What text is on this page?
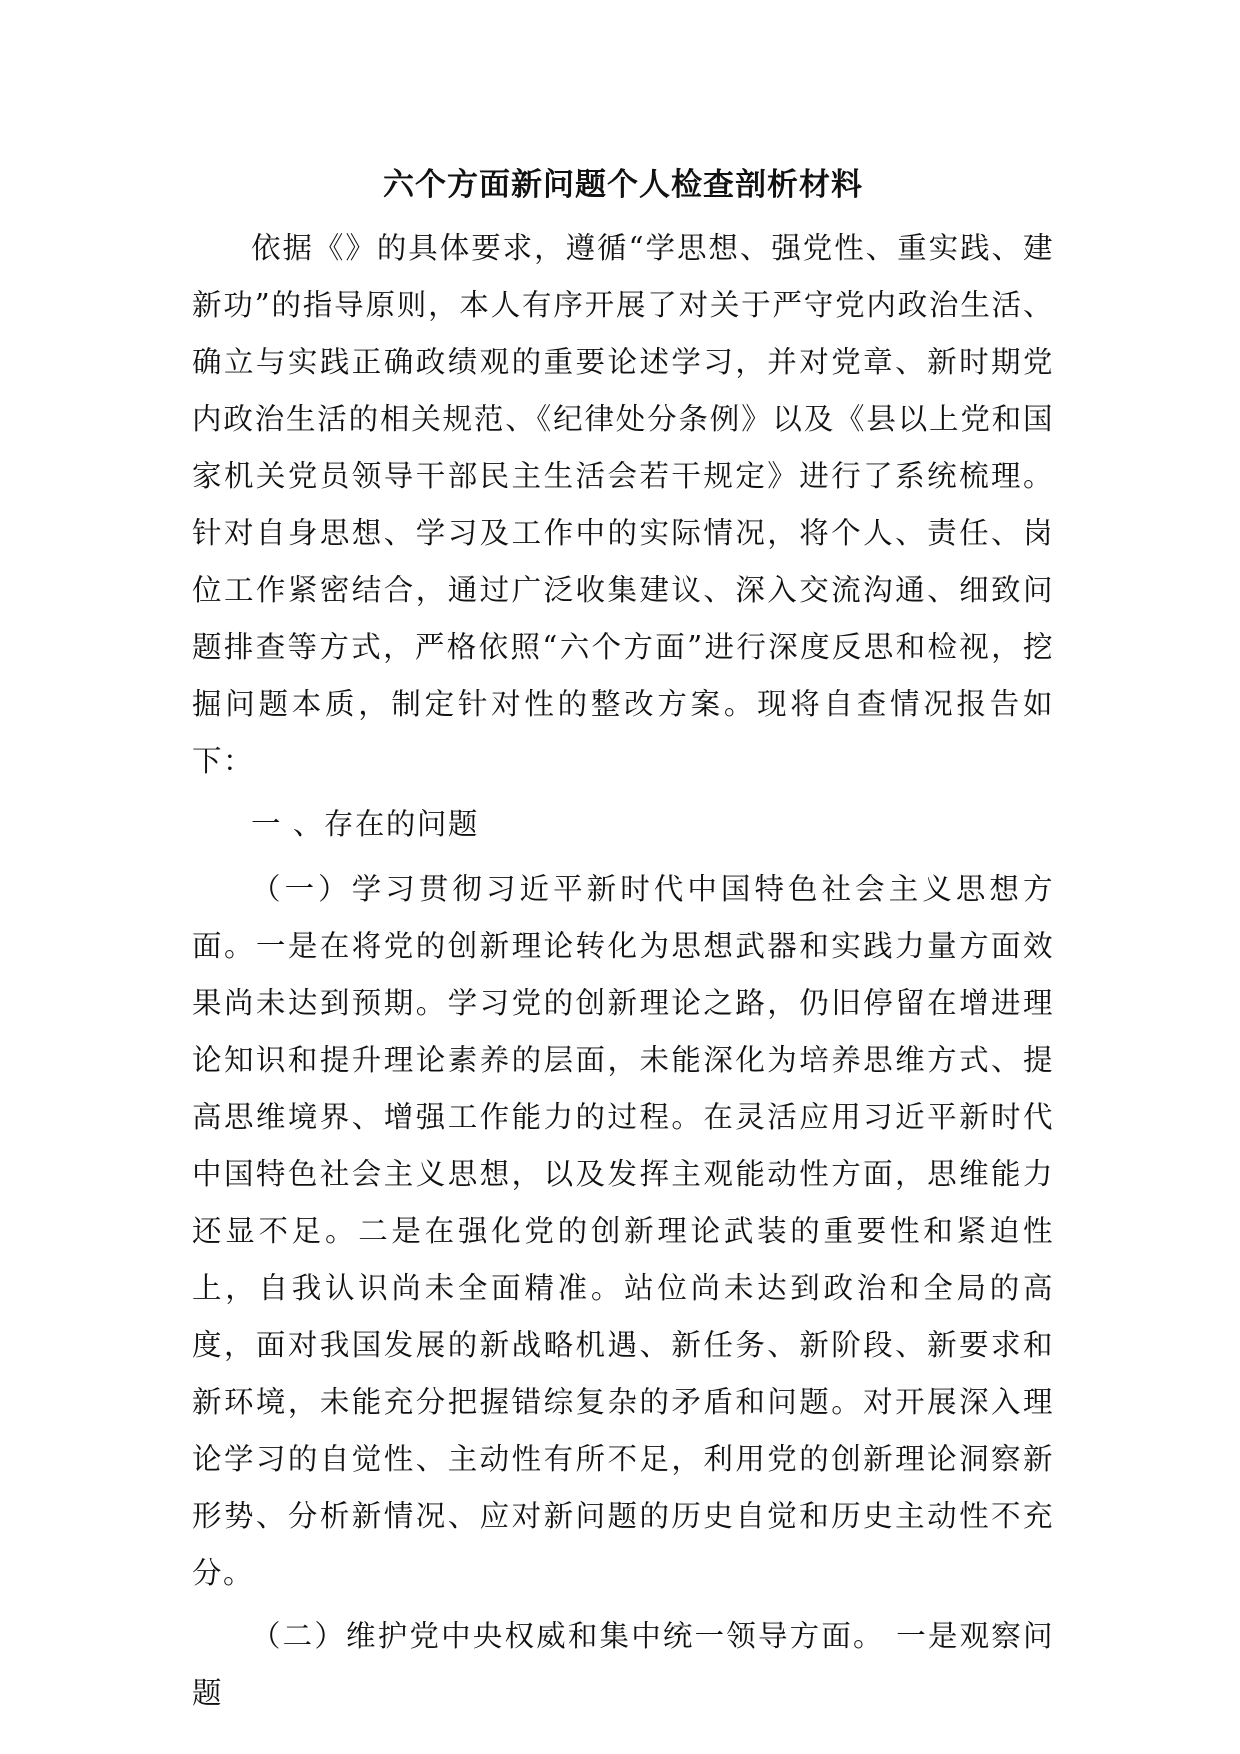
六个方面新问题个人检查剖析材料

依据《》的具体要求，遵循“学思想、强党性、重实践、建新功”的指导原则，本人有序开展了对关于严守党内政治生活、确立与实践正确政绩观的重要论述学习，并对党章、新时期党内政治生活的相关规范、《纪律处分条例》以及《县以上党和国家机关党员领导干部民主生活会若干规定》进行了系统梳理。针对自身思想、学习及工作中的实际情况，将个人、责任、岗位工作紧密结合，通过广泛收集建议、深入交流沟通、细致问题排查等方式，严格依照“六个方面”进行深度反思和检视，挖掘问题本质，制定针对性的整改方案。现将自查情况报告如下：

一 、存在的问题

（一）学习贯彻习近平新时代中国特色社会主义思想方面。一是在将党的创新理论转化为思想武器和实践力量方面效果尚未达到预期。学习党的创新理论之路，仍旧停留在增进理论知识和提升理论素养的层面，未能深化为培养思维方式、提高思维境界、增强工作能力的过程。在灵活应用习近平新时代中国特色社会主义思想，以及发挥主观能动性方面，思维能力还显不足。二是在强化党的创新理论武装的重要性和紧迫性上，自我认识尚未全面精准。站位尚未达到政治和全局的高度，面对我国发展的新战略机遇、新任务、新阶段、新要求和新环境，未能充分把握错综复杂的矛盾和问题。对开展深入理论学习的自觉性、主动性有所不足，利用党的创新理论洞察新形势、分析新情况、应对新问题的历史自觉和历史主动性不充分。

（二）维护党中央权威和集中统一领导方面。 一是观察问题
